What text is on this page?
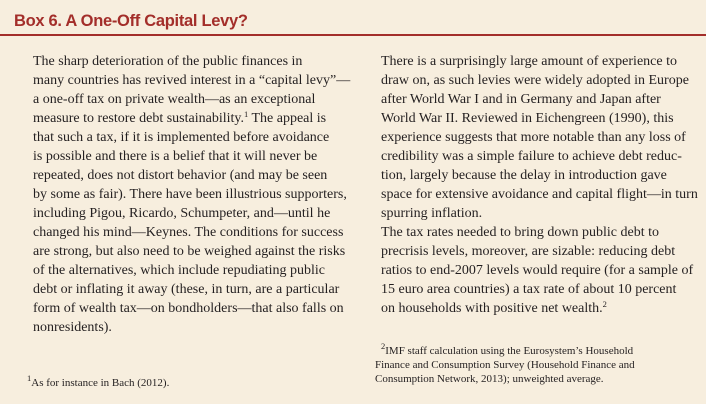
Box 6. A One-Off Capital Levy?

The sharp deterioration of the public finances in
many countries has revived interest in a “capital levy”—
a one-off tax on private wealth—as an exceptional
measure to restore debt sustainability.$^1$ The appeal is
that such a tax, if it is implemented before avoidance
is possible and there is a belief that it will never be
repeated, does not distort behavior (and may be seen
by some as fair). There have been illustrious supporters,
including Pigou, Ricardo, Schumpeter, and—until he
changed his mind—Keynes. The conditions for success
are strong, but also need to be weighed against the risks
of the alternatives, which include repudiating public
debt or inflating it away (these, in turn, are a particular
form of wealth tax—on bondholders—that also falls on
nonresidents).

There is a surprisingly large amount of experience to
draw on, as such levies were widely adopted in Europe
after World War I and in Germany and Japan after
World War II. Reviewed in Eichengreen (1990), this
experience suggests that more notable than any loss of
credibility was a simple failure to achieve debt reduc-
tion, largely because the delay in introduction gave
space for extensive avoidance and capital flight—in turn
spurring inflation.

The tax rates needed to bring down public debt to
precrisis levels, moreover, are sizable: reducing debt
ratios to end-2007 levels would require (for a sample of
15 euro area countries) a tax rate of about 10 percent
on households with positive net wealth.$^2$

$^1$As for instance in Bach (2012).
$^2$IMF staff calculation using the Eurosystem’s Household
Finance and Consumption Survey (Household Finance and
Consumption Network, 2013); unweighted average.
